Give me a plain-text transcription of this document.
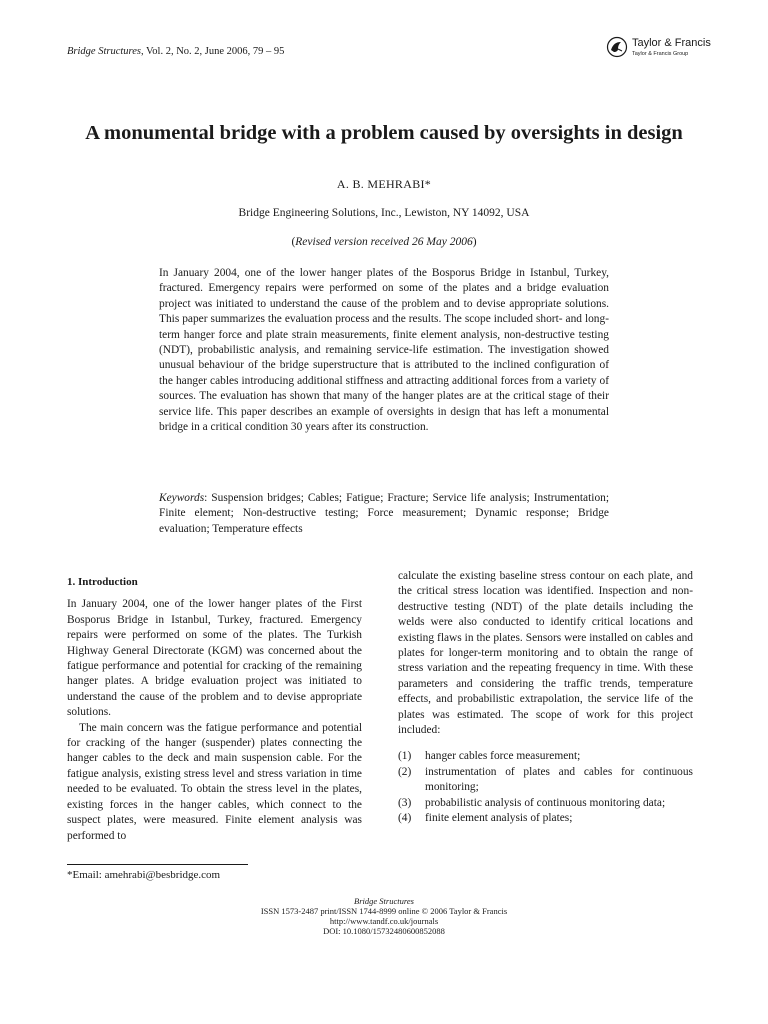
Bridge Structures, Vol. 2, No. 2, June 2006, 79 – 95
Taylor & Francis
Taylor & Francis Group
A monumental bridge with a problem caused by oversights in design
A. B. MEHRABI*
Bridge Engineering Solutions, Inc., Lewiston, NY 14092, USA
(Revised version received 26 May 2006)

In January 2004, one of the lower hanger plates of the Bosporus Bridge in Istanbul, Turkey, fractured. Emergency repairs were performed on some of the plates and a bridge evaluation project was initiated to understand the cause of the problem and to devise appropriate solutions. This paper summarizes the evaluation process and the results. The scope included short- and long-term hanger force and plate strain measurements, finite element analysis, non-destructive testing (NDT), probabilistic analysis, and remaining service-life estimation. The investigation showed unusual behaviour of the bridge superstructure that is attributed to the inclined configuration of the hanger cables introducing additional stiffness and attracting additional forces from a variety of sources. The evaluation has shown that many of the hanger plates are at the critical stage of their service life. This paper describes an example of oversights in design that has left a monumental bridge in a critical condition 30 years after its construction.

Keywords: Suspension bridges; Cables; Fatigue; Fracture; Service life analysis; Instrumentation; Finite element; Non-destructive testing; Force measurement; Dynamic response; Bridge evaluation; Temperature effects

1. Introduction

In January 2004, one of the lower hanger plates of the First Bosporus Bridge in Istanbul, Turkey, fractured. Emergency repairs were performed on some of the plates. The Turkish Highway General Directorate (KGM) was concerned about the fatigue performance and potential for cracking of the remaining hanger plates. A bridge evaluation project was initiated to understand the cause of the problem and to devise appropriate solutions.

The main concern was the fatigue performance and potential for cracking of the hanger (suspender) plates connecting the hanger cables to the deck and main suspension cable. For the fatigue analysis, existing stress level and stress variation in time needed to be evaluated. To obtain the stress level in the plates, existing forces in the hanger cables, which connect to the suspect plates, were measured. Finite element analysis was performed to

calculate the existing baseline stress contour on each plate, and the critical stress location was identified. Inspection and non-destructive testing (NDT) of the plate details including the welds were also conducted to identify critical locations and existing flaws in the plates. Sensors were installed on cables and plates for longer-term monitoring and to obtain the range of stress variation and the repeating frequency in time. With these parameters and considering the traffic trends, temperature effects, and probabilistic extrapolation, the service life of the plates was estimated. The scope of work for this project included:

(1)	hanger cables force measurement;
(2)	instrumentation of plates and cables for continuous monitoring;
(3)	probabilistic analysis of continuous monitoring data;
(4)	finite element analysis of plates;
*Email: amehrabi@besbridge.com
Bridge Structures
ISSN 1573-2487 print/ISSN 1744-8999 online © 2006 Taylor & Francis
http://www.tandf.co.uk/journals
DOI: 10.1080/15732480600852088
